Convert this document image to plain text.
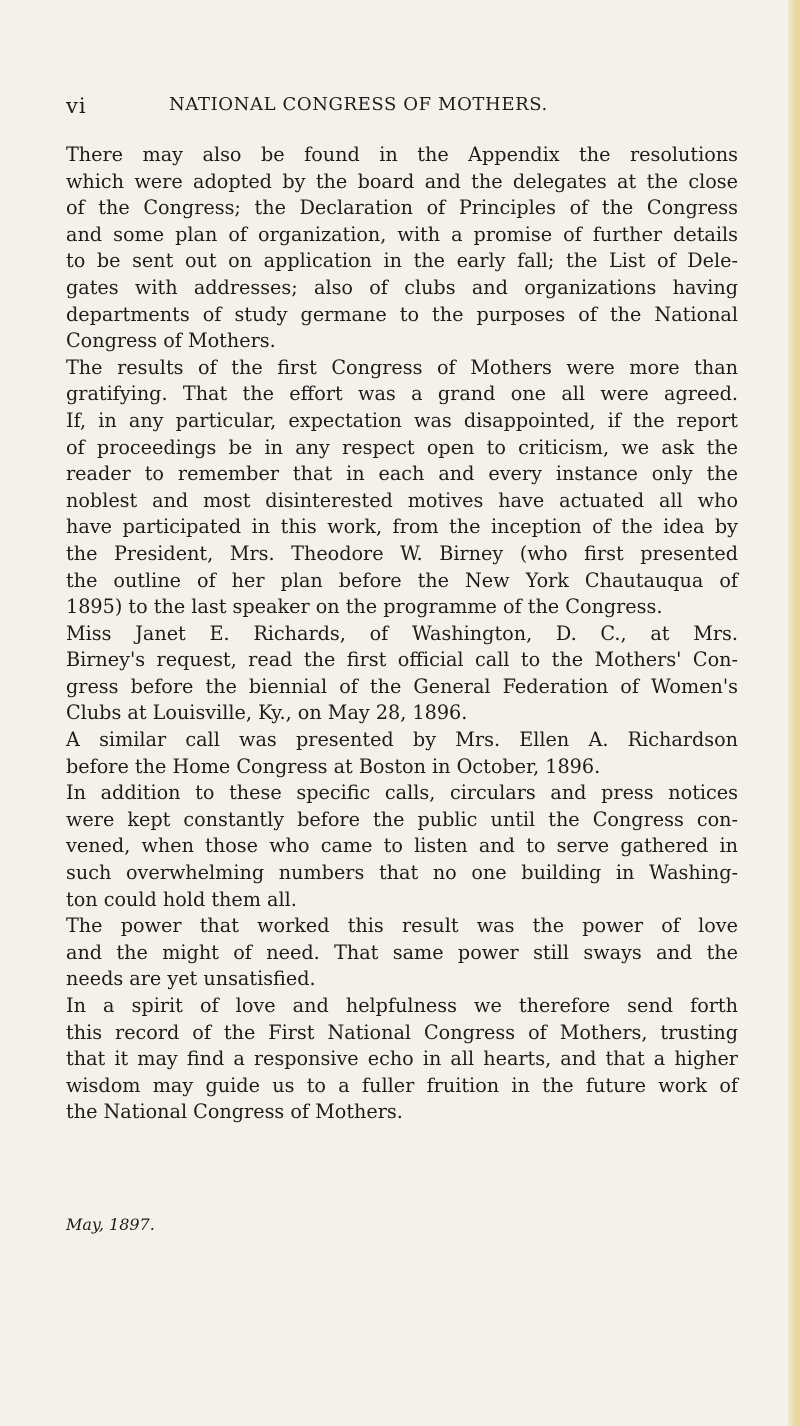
vi	NATIONAL CONGRESS OF MOTHERS.
There may also be found in the Appendix the resolutions
which were adopted by the board and the delegates at the close
of the Congress; the Declaration of Principles of the Congress
and some plan of organization, with a promise of further details
to be sent out on application in the early fall; the List of Dele-
gates with addresses; also of clubs and organizations having
departments of study germane to the purposes of the National
Congress of Mothers.
The results of the first Congress of Mothers were more than
gratifying. That the effort was a grand one all were agreed.
If, in any particular, expectation was disappointed, if the report
of proceedings be in any respect open to criticism, we ask the
reader to remember that in each and every instance only the
noblest and most disinterested motives have actuated all who
have participated in this work, from the inception of the idea by
the President, Mrs. Theodore W. Birney (who first presented
the outline of her plan before the New York Chautauqua of
1895) to the last speaker on the programme of the Congress.
Miss Janet E. Richards, of Washington, D. C., at Mrs.
Birney's request, read the first official call to the Mothers' Con-
gress before the biennial of the General Federation of Women's
Clubs at Louisville, Ky., on May 28, 1896.
A similar call was presented by Mrs. Ellen A. Richardson
before the Home Congress at Boston in October, 1896.
In addition to these specific calls, circulars and press notices
were kept constantly before the public until the Congress con-
vened, when those who came to listen and to serve gathered in
such overwhelming numbers that no one building in Washing-
ton could hold them all.
The power that worked this result was the power of love
and the might of need. That same power still sways and the
needs are yet unsatisfied.
In a spirit of love and helpfulness we therefore send forth
this record of the First National Congress of Mothers, trusting
that it may find a responsive echo in all hearts, and that a higher
wisdom may guide us to a fuller fruition in the future work of
the National Congress of Mothers.
May, 1897.
